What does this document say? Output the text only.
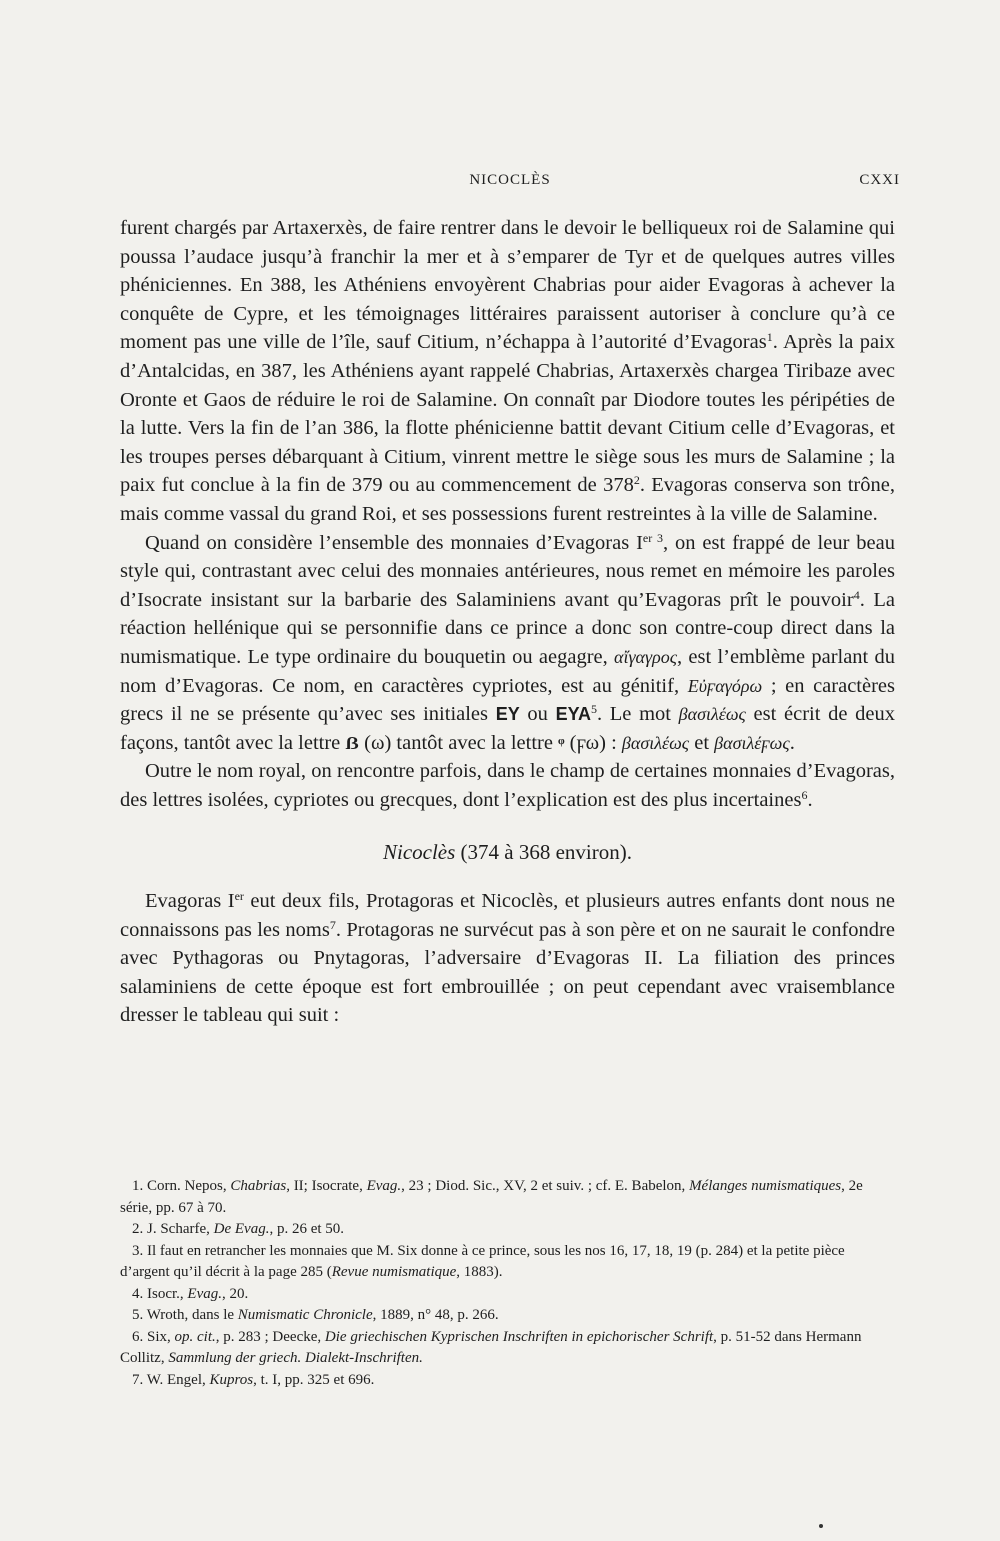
NICOCLÈS	CXXI

furent chargés par Artaxerxès, de faire rentrer dans le devoir le belliqueux roi de Salamine qui poussa l’audace jusqu’à franchir la mer et à s’emparer de Tyr et de quelques autres villes phéniciennes. En 388, les Athéniens envoyèrent Chabrias pour aider Evagoras à achever la conquête de Cypre, et les témoignages littéraires paraissent autoriser à conclure qu’à ce moment pas une ville de l’île, sauf Citium, n’échappa à l’autorité d’Evagoras$^1$. Après la paix d’Antalcidas, en 387, les Athéniens ayant rappelé Chabrias, Artaxerxès chargea Tiribaze avec Oronte et Gaos de réduire le roi de Salamine. On connaît par Diodore toutes les péripéties de la lutte. Vers la fin de l’an 386, la flotte phénicienne battit devant Citium celle d’Evagoras, et les troupes perses débarquant à Citium, vinrent mettre le siège sous les murs de Salamine ; la paix fut conclue à la fin de 379 ou au commencement de $378^2$. Evagoras conserva son trône, mais comme vassal du grand Roi, et ses possessions furent restreintes à la ville de Salamine.

Quand on considère l’ensemble des monnaies d’Evagoras $I^{er 3}$, on est frappé de leur beau style qui, contrastant avec celui des monnaies antérieures, nous remet en mémoire les paroles d’Isocrate insistant sur la barbarie des Salaminiens avant qu’Evagoras prît le pouvoir$^4$. La réaction hellénique qui se personnifie dans ce prince a donc son contre-coup direct dans la numismatique. Le type ordinaire du bouquetin ou aegagre, αἴγαγρος, est l’emblème parlant du nom d’Evagoras. Ce nom, en caractères cypriotes, est au génitif, Εὐϝαγόρω ; en caractères grecs il ne se présente qu’avec ses initiales EY ou EYA$^5$. Le mot βασιλέως est écrit de deux façons, tantôt avec la lettre ẞ (ω) tantôt avec la lettre ᵠ (ϝω) : βασιλέως et βασιλέϝως.

Outre le nom royal, on rencontre parfois, dans le champ de certaines monnaies d’Evagoras, des lettres isolées, cypriotes ou grecques, dont l’explication est des plus incertaines$^6$.

Nicoclès (374 à 368 environ).

Evagoras Ier eut deux fils, Protagoras et Nicoclès, et plusieurs autres enfants dont nous ne connaissons pas les noms$^7$. Protagoras ne survécut pas à son père et on ne saurait le confondre avec Pythagoras ou Pnytagoras, l’adversaire d’Evagoras II. La filiation des princes salaminiens de cette époque est fort embrouillée ; on peut cependant avec vraisemblance dresser le tableau qui suit :

1. Corn. Nepos, Chabrias, II; Isocrate, Evag., 23 ; Diod. Sic., XV, 2 et suiv. ; cf. E. Babelon, Mélanges numismatiques, 2e série, pp. 67 à 70.

2. J. Scharfe, De Evag., p. 26 et 50.

3. Il faut en retrancher les monnaies que M. Six donne à ce prince, sous les nos 16, 17, 18, 19 (p. 284) et la petite pièce d’argent qu’il décrit à la page 285 (Revue numismatique, 1883).

4. Isocr., Evag., 20.

5. Wroth, dans le Numismatic Chronicle, 1889, n° 48, p. 266.

6. Six, op. cit., p. 283 ; Deecke, Die griechischen Kyprischen Inschriften in epichorischer Schrift, p. 51-52 dans Hermann Collitz, Sammlung der griech. Dialekt-Inschriften.

7. W. Engel, Kupros, t. I, pp. 325 et 696.
